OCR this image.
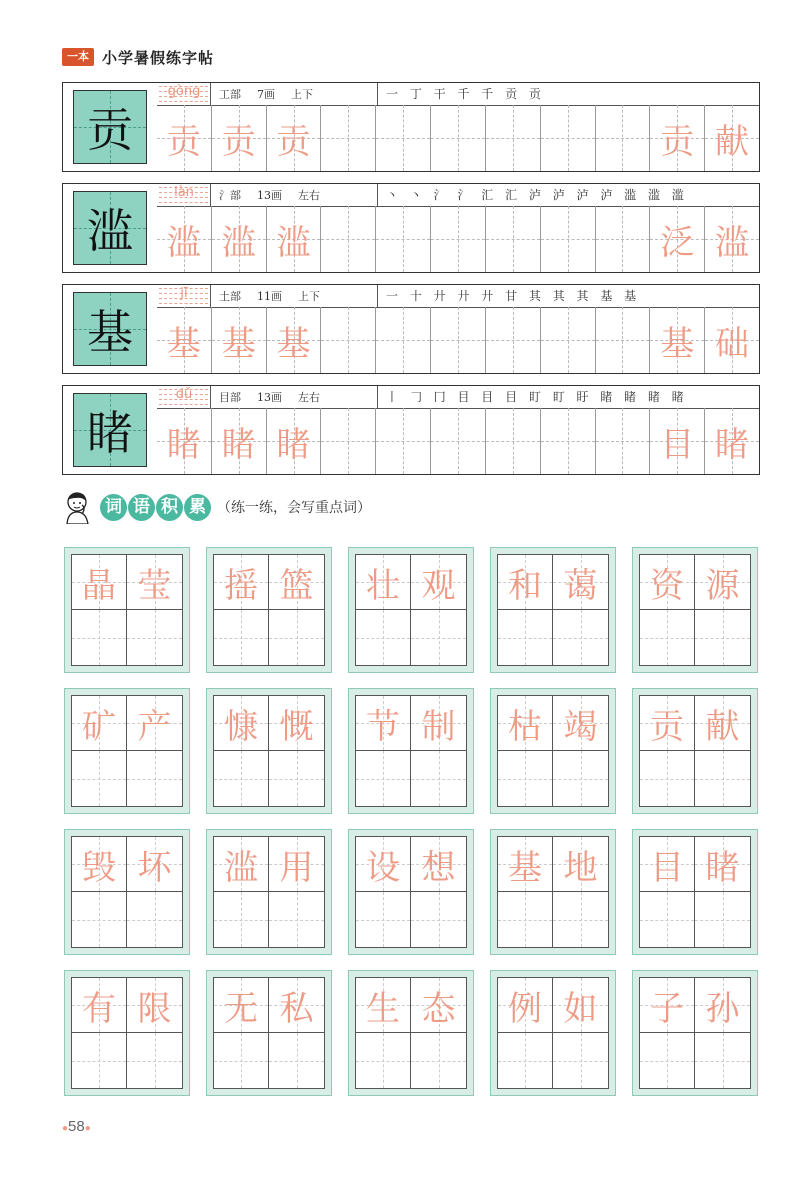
一本 小学暑假练字帖
贡
gòng	工部 7画 上下	一 丁 干 千 千 贡 贡
贡 贡 贡	贡 献
滥
làn	氵部 13画 左右	丶 丶 氵 氵 汇 汇 泸 泸 泸 泸 滥 滥 滥
滥 滥 滥	泛 滥
基
jī	土部 11画 上下	一 十 廾 廾 廾 甘 其 其 其 基 基
基 基 基	基 础
睹
dǔ	目部 13画 左右	丨 𠃌 冂 目 目 目 盯 盯 盱 睹 睹 睹 睹
睹 睹 睹	目 睹
词 语 积 累 （练一练，会写重点词）
晶 莹	摇 篮	壮 观	和 蔼	资 源
矿 产	慷 慨	节 制	枯 竭	贡 献
毁 坏	滥 用	设 想	基 地	目 睹
有 限	无 私	生 态	例 如	子 孙
●58●
